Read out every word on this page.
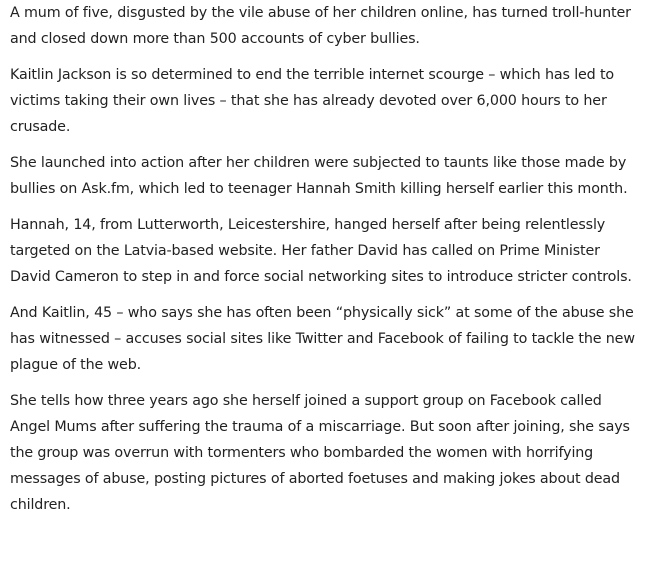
A mum of five, disgusted by the vile abuse of her children online, has turned troll-hunter and closed down more than 500 accounts of cyber bullies.

Kaitlin Jackson is so determined to end the terrible internet scourge – which has led to victims taking their own lives – that she has already devoted over 6,000 hours to her crusade.

She launched into action after her children were subjected to taunts like those made by bullies on Ask.fm, which led to teenager Hannah Smith killing herself earlier this month.

Hannah, 14, from Lutterworth, Leicestershire, hanged herself after being relentlessly targeted on the Latvia-based website. Her father David has called on Prime Minister David Cameron to step in and force social networking sites to introduce stricter controls.

And Kaitlin, 45 – who says she has often been “physically sick” at some of the abuse she has witnessed – accuses social sites like Twitter and Facebook of failing to tackle the new plague of the web.

She tells how three years ago she herself joined a support group on Facebook called Angel Mums after suffering the trauma of a miscarriage. But soon after joining, she says the group was overrun with tormenters who bombarded the women with horrifying messages of abuse, posting pictures of aborted foetuses and making jokes about dead children.
